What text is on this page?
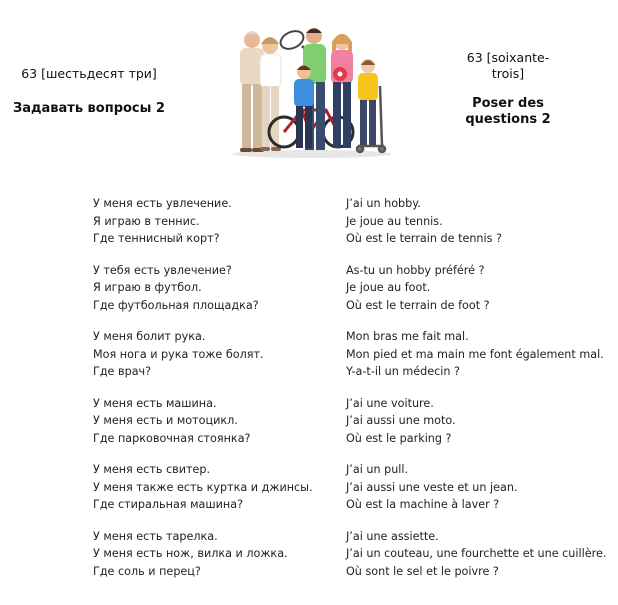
63 [шестьдесят три]
Задавать вопросы 2
63 [soixante-
trois]
Poser des
questions 2
У меня есть увлечение.	J’ai un hobby.
Я играю в теннис.	Je joue au tennis.
Где теннисный корт?	Où est le terrain de tennis ?
У тебя есть увлечение?	As-tu un hobby préféré ?
Я играю в футбол.	Je joue au foot.
Где футбольная площадка?	Où est le terrain de foot ?
У меня болит рука.	Mon bras me fait mal.
Моя нога и рука тоже болят.	Mon pied et ma main me font également mal.
Где врач?	Y-a-t-il un médecin ?
У меня есть машина.	J’ai une voiture.
У меня есть и мотоцикл.	J’ai aussi une moto.
Где парковочная стоянка?	Où est le parking ?
У меня есть свитер.	J’ai un pull.
У меня также есть куртка и джинсы.	J’ai aussi une veste et un jean.
Где стиральная машина?	Où est la machine à laver ?
У меня есть тарелка.	J’ai une assiette.
У меня есть нож, вилка и ложка.	J’ai un couteau, une fourchette et une cuillère.
Где соль и перец?	Où sont le sel et le poivre ?
